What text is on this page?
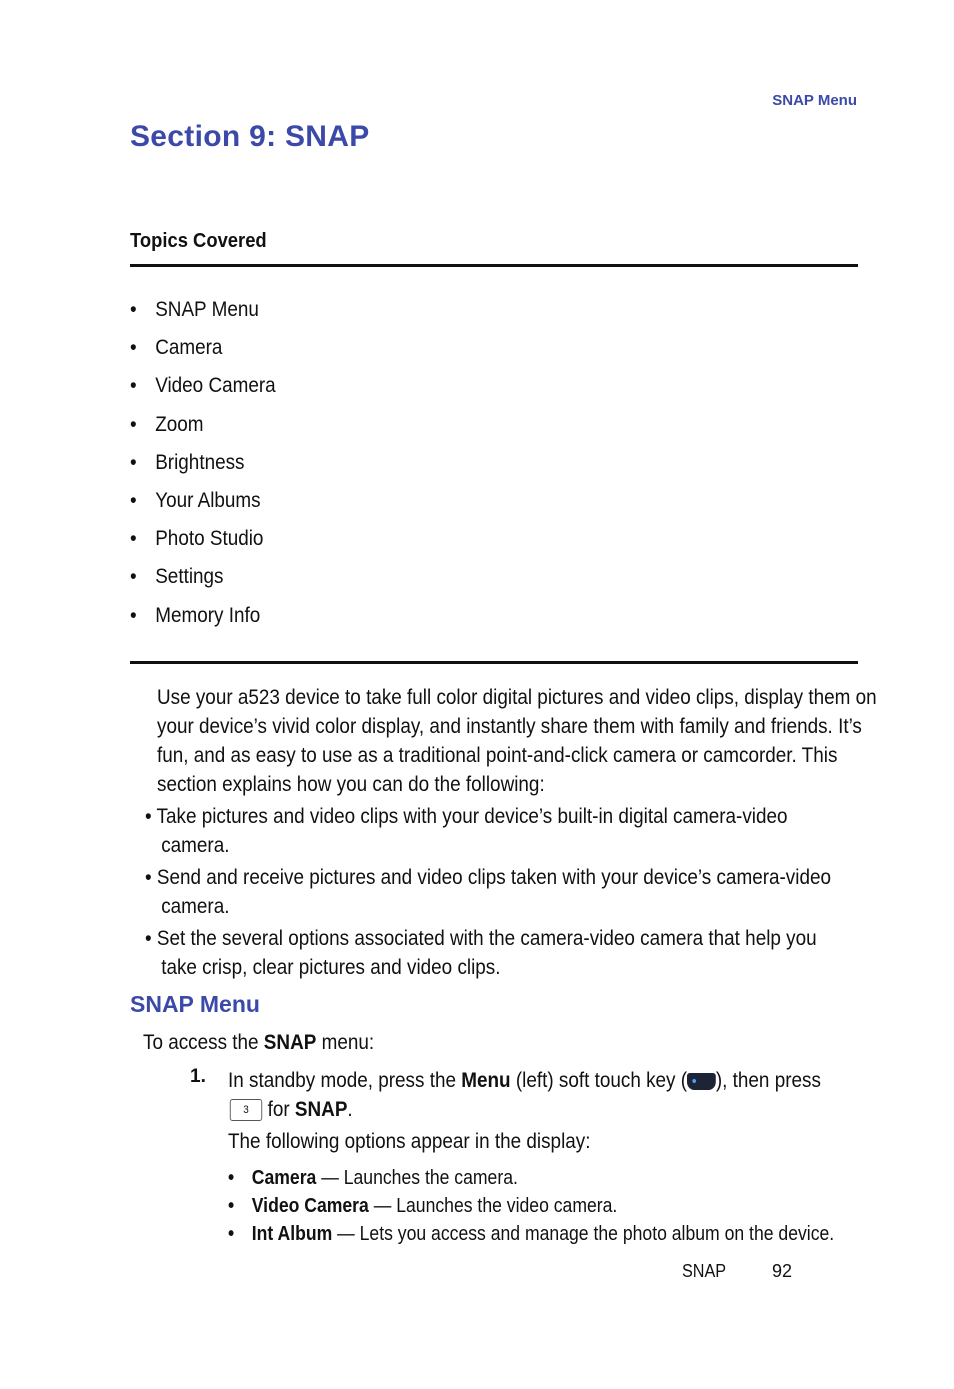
SNAP Menu
Section 9: SNAP
Topics Covered
• SNAP Menu
• Camera
• Video Camera
• Zoom
• Brightness
• Your Albums
• Photo Studio
• Settings
• Memory Info
Use your a523 device to take full color digital pictures and video clips, display them on
your device’s vivid color display, and instantly share them with family and friends. It’s
fun, and as easy to use as a traditional point-and-click camera or camcorder. This
section explains how you can do the following:
• Take pictures and video clips with your device’s built-in digital camera-video
camera.
• Send and receive pictures and video clips taken with your device’s camera-video
camera.
• Set the several options associated with the camera-video camera that help you
take crisp, clear pictures and video clips.
SNAP Menu
To access the SNAP menu:
1. In standby mode, press the Menu (left) soft touch key ( ), then press
3 for SNAP.
The following options appear in the display:
• Camera — Launches the camera.
• Video Camera — Launches the video camera.
• Int Album — Lets you access and manage the photo album on the device.
SNAP	92
